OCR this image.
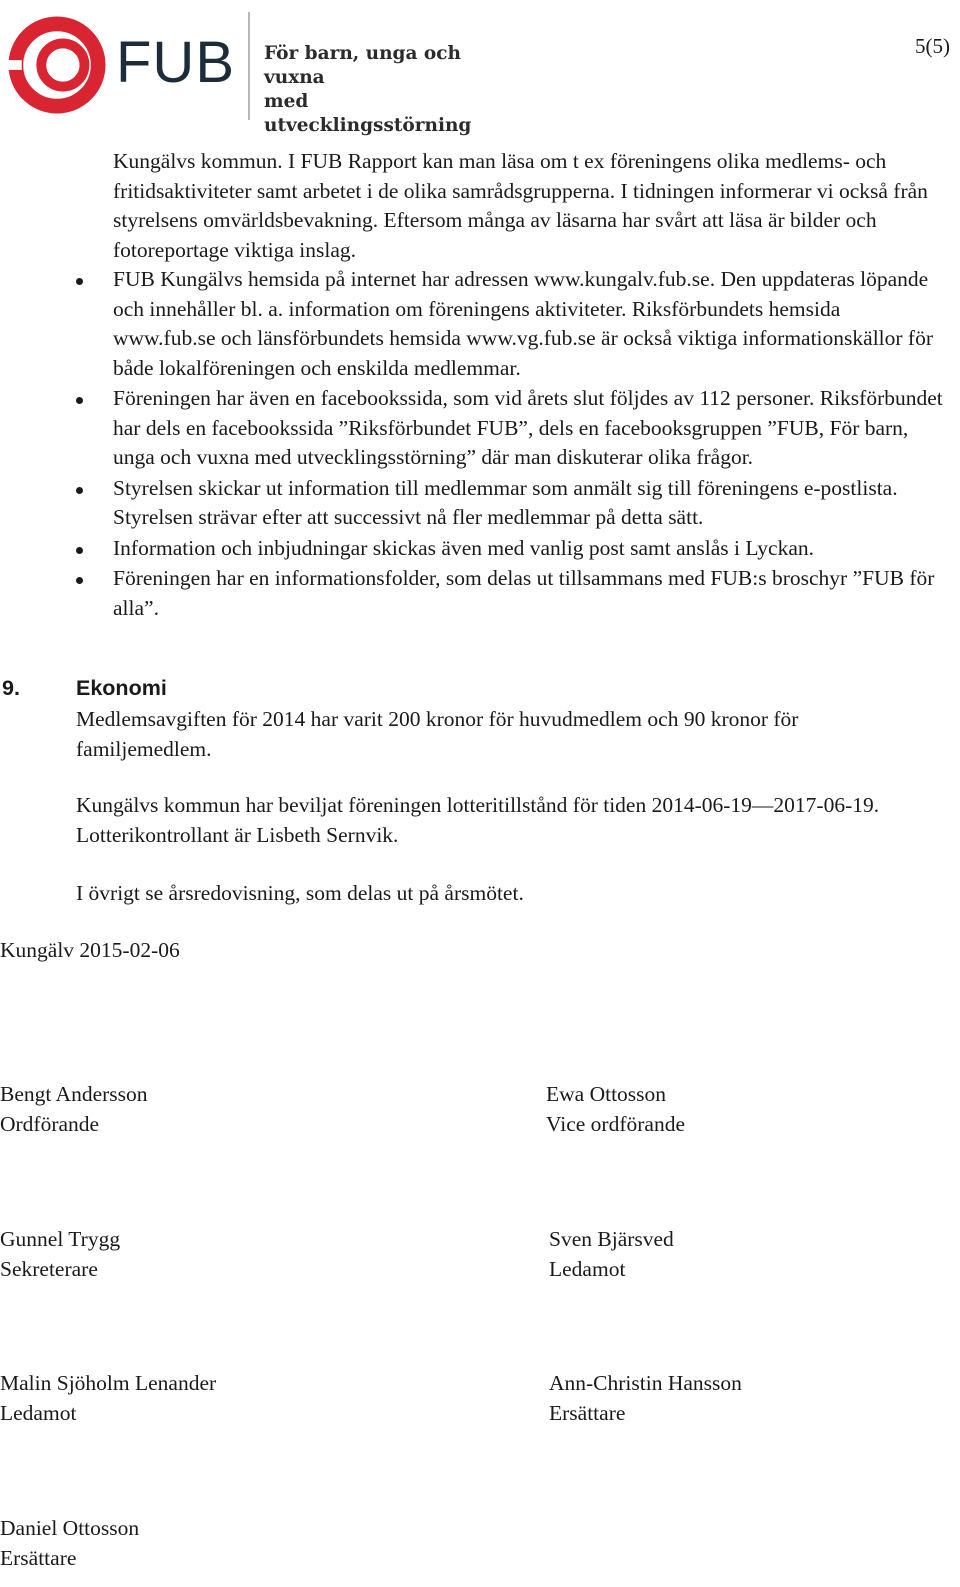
FUB För barn, unga och vuxna
med utvecklingsstörning
5(5)
Kungälvs kommun. I FUB Rapport kan man läsa om t ex föreningens olika medlems- och fritidsaktiviteter samt arbetet i de olika samrådsgrupperna. I tidningen informerar vi också från styrelsens omvärldsbevakning. Eftersom många av läsarna har svårt att läsa är bilder och fotoreportage viktiga inslag.
FUB Kungälvs hemsida på internet har adressen www.kungalv.fub.se. Den uppdateras löpande och innehåller bl. a. information om föreningens aktiviteter. Riksförbundets hemsida www.fub.se och länsförbundets hemsida www.vg.fub.se är också viktiga informationskällor för både lokalföreningen och enskilda medlemmar.
Föreningen har även en facebookssida, som vid årets slut följdes av 112 personer. Riksförbundet har dels en facebookssida ”Riksförbundet FUB”, dels en facebooksgruppen ”FUB, För barn, unga och vuxna med utvecklingsstörning” där man diskuterar olika frågor.
Styrelsen skickar ut information till medlemmar som anmält sig till föreningens e-postlista. Styrelsen strävar efter att successivt nå fler medlemmar på detta sätt.
Information och inbjudningar skickas även med vanlig post samt anslås i Lyckan.
Föreningen har en informationsfolder, som delas ut tillsammans med FUB:s broschyr ”FUB för alla”.
9.	Ekonomi
Medlemsavgiften för 2014 har varit 200 kronor för huvudmedlem och 90 kronor för familjemedlem.
Kungälvs kommun har beviljat föreningen lotteritillstånd för tiden 2014-06-19—2017-06-19. Lotterikontrollant är Lisbeth Sernvik.
I övrigt se årsredovisning, som delas ut på årsmötet.
Kungälv 2015-02-06
Bengt Andersson
Ordförande
Ewa Ottosson
Vice ordförande
Gunnel Trygg
Sekreterare
Sven Bjärsved
Ledamot
Malin Sjöholm Lenander
Ledamot
Ann-Christin Hansson
Ersättare
Daniel Ottosson
Ersättare
